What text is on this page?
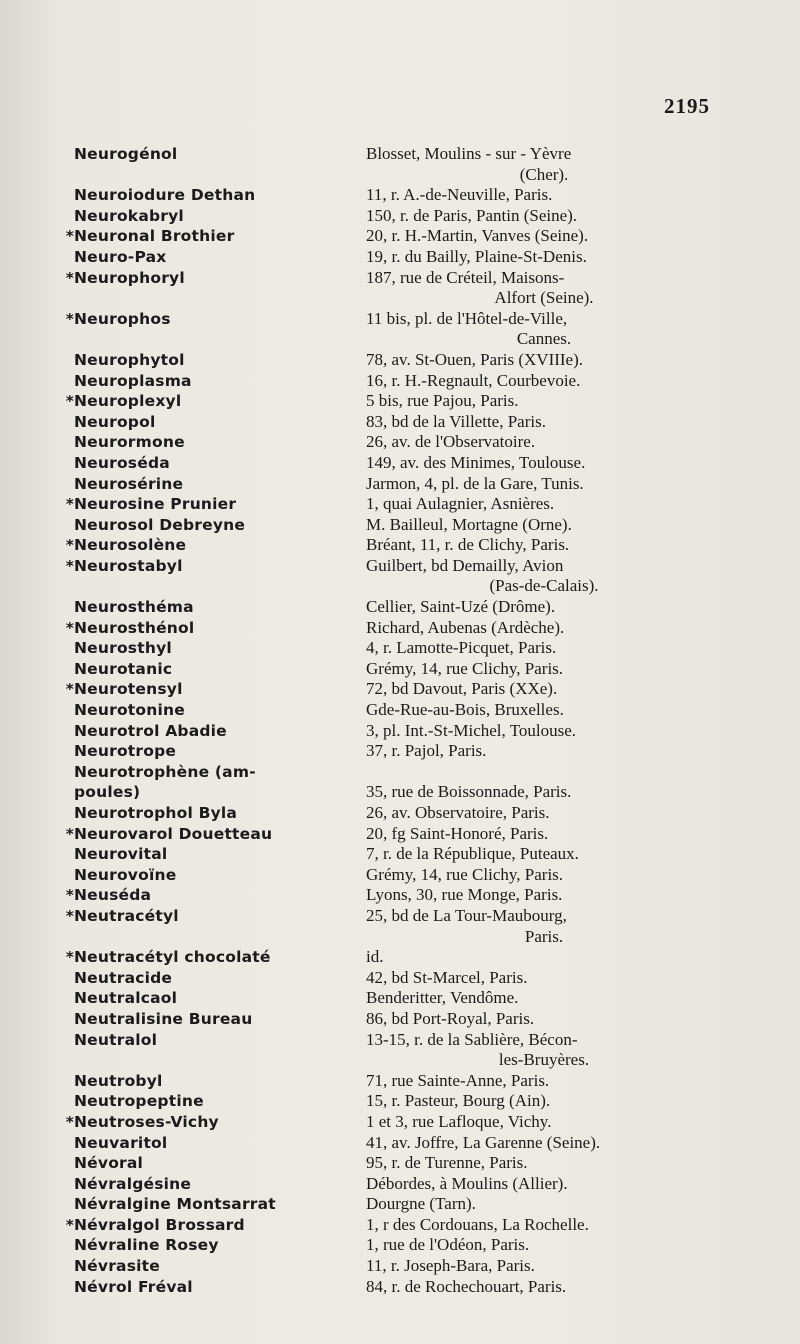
2195
Neurogénol	Blosset, Moulins - sur - Yèvre
(Cher).
Neuroiodure Dethan	11, r. A.-de-Neuville, Paris.
Neurokabryl	150, r. de Paris, Pantin (Seine).
*Neuronal Brothier	20, r. H.-Martin, Vanves (Seine).
Neuro-Pax	19, r. du Bailly, Plaine-St-Denis.
*Neurophoryl	187, rue de Créteil, Maisons-
Alfort (Seine).
*Neurophos	11 bis, pl. de l'Hôtel-de-Ville,
Cannes.
Neurophytol	78, av. St-Ouen, Paris (XVIIIe).
Neuroplasma	16, r. H.-Regnault, Courbevoie.
*Neuroplexyl	5 bis, rue Pajou, Paris.
Neuropol	83, bd de la Villette, Paris.
Neurormone	26, av. de l'Observatoire.
Neuroséda	149, av. des Minimes, Toulouse.
Neurosérine	Jarmon, 4, pl. de la Gare, Tunis.
*Neurosine Prunier	1, quai Aulagnier, Asnières.
Neurosol Debreyne	M. Bailleul, Mortagne (Orne).
*Neurosolène	Bréant, 11, r. de Clichy, Paris.
*Neurostabyl	Guilbert, bd Demailly, Avion
(Pas-de-Calais).
Neurosthéma	Cellier, Saint-Uzé (Drôme).
*Neurosthénol	Richard, Aubenas (Ardèche).
Neurosthyl	4, r. Lamotte-Picquet, Paris.
Neurotanic	Grémy, 14, rue Clichy, Paris.
*Neurotensyl	72, bd Davout, Paris (XXe).
Neurotonine	Gde-Rue-au-Bois, Bruxelles.
Neurotrol Abadie	3, pl. Int.-St-Michel, Toulouse.
Neurotrope	37, r. Pajol, Paris.
Neurotrophène (am-
poules)	35, rue de Boissonnade, Paris.
Neurotrophol Byla	26, av. Observatoire, Paris.
*Neurovarol Douetteau	20, fg Saint-Honoré, Paris.
Neurovital	7, r. de la République, Puteaux.
Neurovoïne	Grémy, 14, rue Clichy, Paris.
*Neuséda	Lyons, 30, rue Monge, Paris.
*Neutracétyl	25, bd de La Tour-Maubourg,
Paris.
*Neutracétyl chocolaté	id.
Neutracide	42, bd St-Marcel, Paris.
Neutralcaol	Benderitter, Vendôme.
Neutralisine Bureau	86, bd Port-Royal, Paris.
Neutralol	13-15, r. de la Sablière, Bécon-
les-Bruyères.
Neutrobyl	71, rue Sainte-Anne, Paris.
Neutropeptine	15, r. Pasteur, Bourg (Ain).
*Neutroses-Vichy	1 et 3, rue Lafloque, Vichy.
Neuvaritol	41, av. Joffre, La Garenne (Seine).
Névoral	95, r. de Turenne, Paris.
Névralgésine	Débordes, à Moulins (Allier).
Névralgine Montsarrat	Dourgne (Tarn).
*Névralgol Brossard	1, r des Cordouans, La Rochelle.
Névraline Rosey	1, rue de l'Odéon, Paris.
Névrasite	11, r. Joseph-Bara, Paris.
Névrol Fréval	84, r. de Rochechouart, Paris.
